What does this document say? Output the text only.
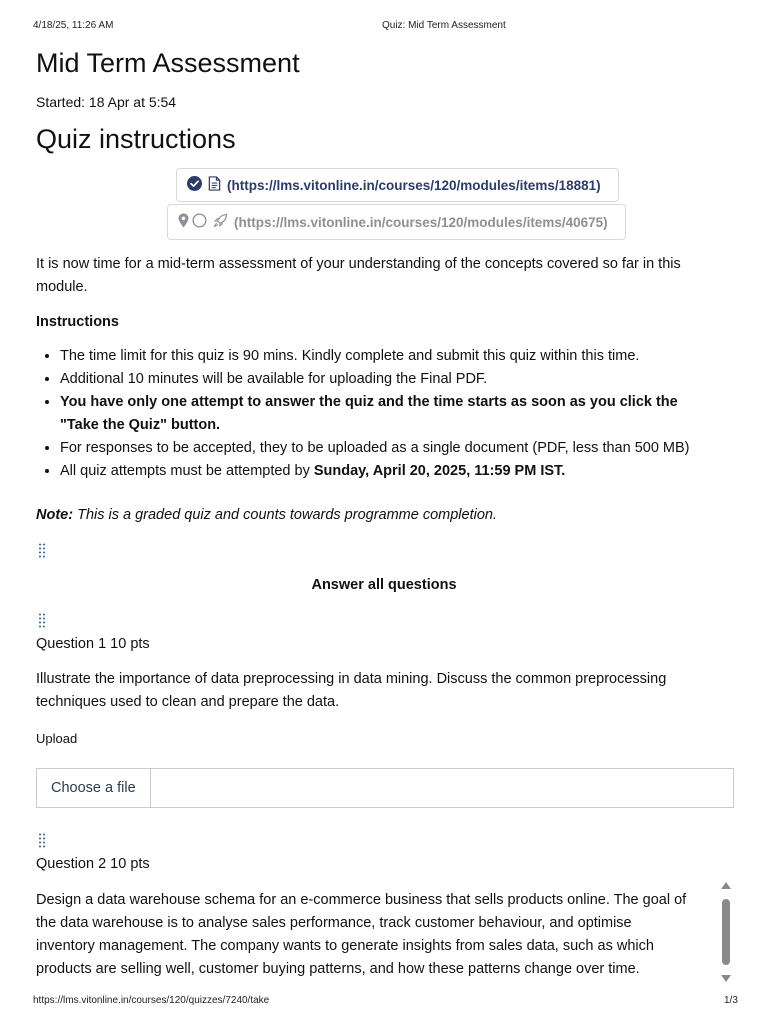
4/18/25, 11:26 AM	Quiz: Mid Term Assessment
Mid Term Assessment
Started: 18 Apr at 5:54
Quiz instructions
(https://lms.vitonline.in/courses/120/modules/items/18881)
(https://lms.vitonline.in/courses/120/modules/items/40675)
It is now time for a mid-term assessment of your understanding of the concepts covered so far in this
module.
Instructions
• The time limit for this quiz is 90 mins. Kindly complete and submit this quiz within this time.
• Additional 10 minutes will be available for uploading the Final PDF.
• You have only one attempt to answer the quiz and the time starts as soon as you click the
"Take the Quiz" button.
• For responses to be accepted, they to be uploaded as a single document (PDF, less than 500 MB)
• All quiz attempts must be attempted by Sunday, April 20, 2025, 11:59 PM IST.
Note: This is a graded quiz and counts towards programme completion.
Answer all questions
Question 1 10 pts
Illustrate the importance of data preprocessing in data mining. Discuss the common preprocessing
techniques used to clean and prepare the data.
Upload
Choose a file
Question 2 10 pts
Design a data warehouse schema for an e-commerce business that sells products online. The goal of
the data warehouse is to analyse sales performance, track customer behaviour, and optimise
inventory management. The company wants to generate insights from sales data, such as which
products are selling well, customer buying patterns, and how these patterns change over time.
https://lms.vitonline.in/courses/120/quizzes/7240/take	1/3
